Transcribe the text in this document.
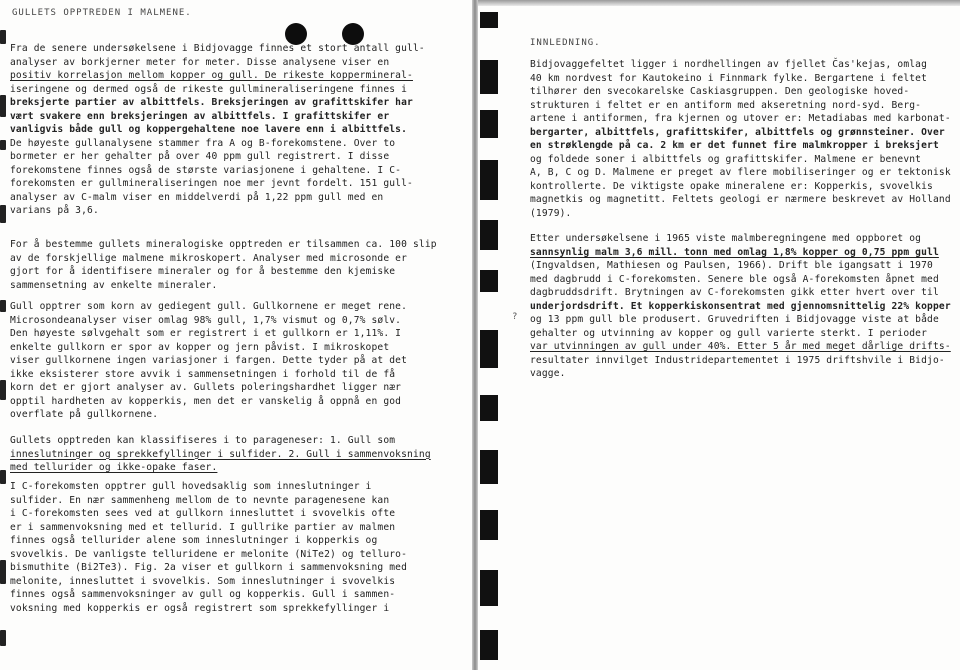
GULLETS OPPTREDEN I MALMENE.
Fra de senere undersøkelsene i Bidjovagge finnes et stort antall gull-
analyser av borkjerner meter for meter. Disse analysene viser en
positiv korrelasjon mellom kopper og gull. De rikeste koppermineral-
iseringene og dermed også de rikeste gullmineraliseringene finnes i
breksjerte partier av albittfels. Breksjeringen av grafittskifer har
vært svakere enn breksjeringen av albittfels. I grafittskifer er
vanligvis både gull og koppergehaltene noe lavere enn i albittfels.
De høyeste gullanalysene stammer fra A og B-forekomstene. Over to
bormeter er her gehalter på over 40 ppm gull registrert. I disse
forekomstene finnes også de største variasjonene i gehaltene. I C-
forekomsten er gullmineraliseringen noe mer jevnt fordelt. 151 gull-
analyser av C-malm viser en middelverdi på 1,22 ppm gull med en
varians på 3,6.
For å bestemme gullets mineralogiske opptreden er tilsammen ca. 100 slip
av de forskjellige malmene mikroskopert. Analyser med microsonde er
gjort for å identifisere mineraler og for å bestemme den kjemiske
sammensetning av enkelte mineraler.
Gull opptrer som korn av gediegent gull. Gullkornene er meget rene.
Microsondeanalyser viser omlag 98% gull, 1,7% vismut og 0,7% sølv.
Den høyeste sølvgehalt som er registrert i et gullkorn er 1,11%. I
enkelte gullkorn er spor av kopper og jern påvist. I mikroskopet
viser gullkornene ingen variasjoner i fargen. Dette tyder på at det
ikke eksisterer store avvik i sammensetningen i forhold til de få
korn det er gjort analyser av. Gullets poleringshardhet ligger nær
opptil hardheten av kopperkis, men det er vanskelig å oppnå en god
overflate på gullkornene.
Gullets opptreden kan klassifiseres i to parageneser: 1. Gull som
inneslutninger og sprekkefyllinger i sulfider. 2. Gull i sammenvoksning
med tellurider og ikke-opake faser.
I C-forekomsten opptrer gull hovedsaklig som inneslutninger i
sulfider. En nær sammenheng mellom de to nevnte paragenesene kan
i C-forekomsten sees ved at gullkorn innesluttet i svovelkis ofte
er i sammenvoksning med et tellurid. I gullrike partier av malmen
finnes også tellurider alene som inneslutninger i kopperkis og
svovelkis. De vanligste telluridene er melonite (NiTe2) og telluro-
bismuthite (Bi2Te3). Fig. 2a viser et gullkorn i sammenvoksning med
melonite, innesluttet i svovelkis. Som inneslutninger i svovelkis
finnes også sammenvoksninger av gull og kopperkis. Gull i sammen-
voksning med kopperkis er også registrert som sprekkefyllinger i
INNLEDNING.
?
Bidjovaggefeltet ligger i nordhellingen av fjellet Čas'kejas, omlag
40 km nordvest for Kautokeino i Finnmark fylke. Bergartene i feltet
tilhører den svecokarelske Caskiasgruppen. Den geologiske hoved-
strukturen i feltet er en antiform med akseretning nord-syd. Berg-
artene i antiformen, fra kjernen og utover er: Metadiabas med karbonat-
bergarter, albittfels, grafittskifer, albittfels og grønnsteiner. Over
en strøklengde på ca. 2 km er det funnet fire malmkropper i breksjert
og foldede soner i albittfels og grafittskifer. Malmene er benevnt
A, B, C og D. Malmene er preget av flere mobiliseringer og er tektonisk
kontrollerte. De viktigste opake mineralene er: Kopperkis, svovelkis
magnetkis og magnetitt. Feltets geologi er nærmere beskrevet av Holland
(1979).
Etter undersøkelsene i 1965 viste malmberegningene med oppboret og
sannsynlig malm 3,6 mill. tonn med omlag 1,8% kopper og 0,75 ppm gull
(Ingvaldsen, Mathiesen og Paulsen, 1966). Drift ble igangsatt i 1970
med dagbrudd i C-forekomsten. Senere ble også A-forekomsten åpnet med
dagbruddsdrift. Brytningen av C-forekomsten gikk etter hvert over til
underjordsdrift. Et kopperkiskonsentrat med gjennomsnittelig 22% kopper
og 13 ppm gull ble produsert. Gruvedriften i Bidjovagge viste at både
gehalter og utvinning av kopper og gull varierte sterkt. I perioder
var utvinningen av gull under 40%. Etter 5 år med meget dårlige drifts-
resultater innvilget Industridepartementet i 1975 driftshvile i Bidjo-
vagge.
